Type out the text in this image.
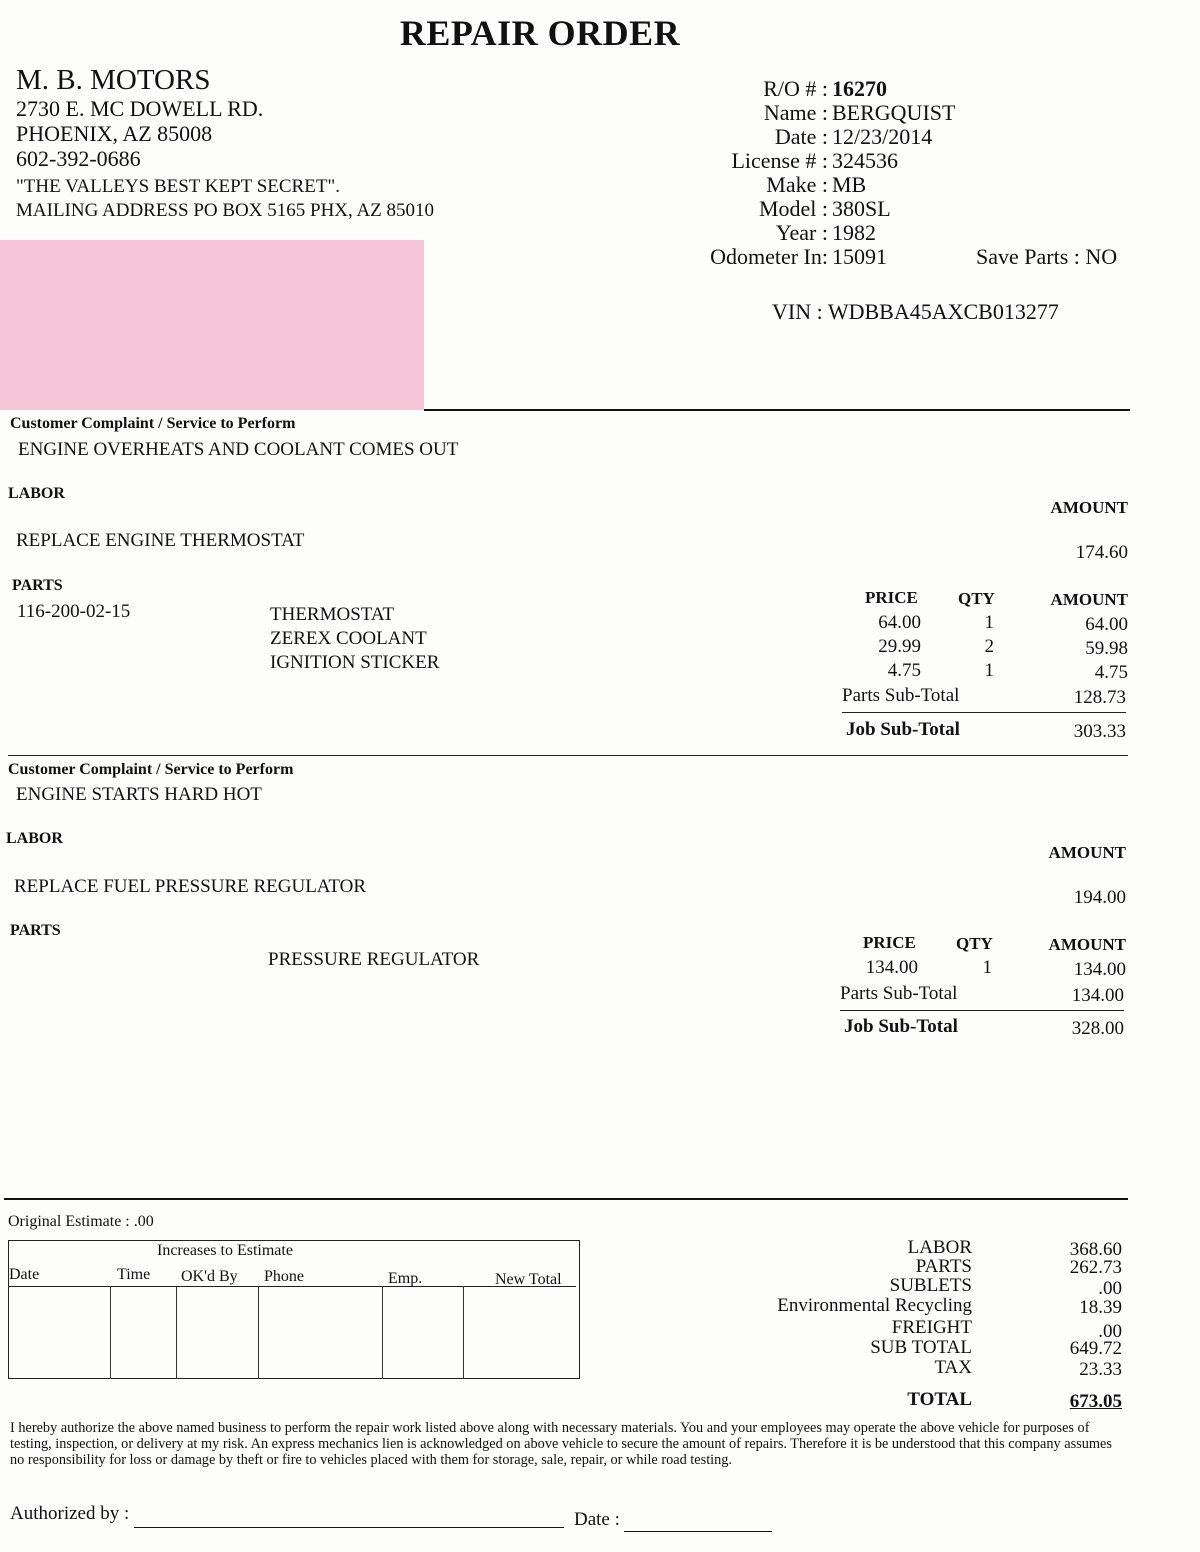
REPAIR ORDER
M. B. MOTORS
2730 E. MC DOWELL RD.
PHOENIX, AZ 85008
602-392-0686
"THE VALLEYS BEST KEPT SECRET".
MAILING ADDRESS PO BOX 5165 PHX, AZ 85010
R/O # : 16270
Name : BERGQUIST
Date : 12/23/2014
License # : 324536
Make : MB
Model : 380SL
Year : 1982
Odometer In: 15091	Save Parts : NO
VIN : WDBBA45AXCB013277
Customer Complaint / Service to Perform
ENGINE OVERHEATS AND COOLANT COMES OUT
LABOR
AMOUNT
REPLACE ENGINE THERMOSTAT
174.60
PARTS
116-200-02-15
PRICE QTY	AMOUNT
THERMOSTAT	64.00	1	64.00
ZEREX COOLANT	29.99	2	59.98
IGNITION STICKER	4.75	1	4.75
Parts Sub-Total	128.73
Job Sub-Total	303.33
Customer Complaint / Service to Perform
ENGINE STARTS HARD HOT
LABOR
AMOUNT
REPLACE FUEL PRESSURE REGULATOR
194.00
PARTS
PRICE QTY	AMOUNT
PRESSURE REGULATOR	134.00	1	134.00
Parts Sub-Total	134.00
Job Sub-Total	328.00
Original Estimate : .00
Increases to Estimate
Date	Time OK'd By Phone	Emp.	New Total
LABOR	368.60
PARTS	262.73
SUBLETS	.00
Environmental Recycling	18.39
FREIGHT	.00
SUB TOTAL	649.72
TAX	23.33
TOTAL	673.05
I hereby authorize the above named business to perform the repair work listed above along with necessary materials. You and your employees may operate the above vehicle for purposes of testing, inspection, or delivery at my risk. An express mechanics lien is acknowledged on above vehicle to secure the amount of repairs. Therefore it is be understood that this company assumes no responsibility for loss or damage by theft or fire to vehicles placed with them for storage, sale, repair, or while road testing.
Authorized by :	Date :
